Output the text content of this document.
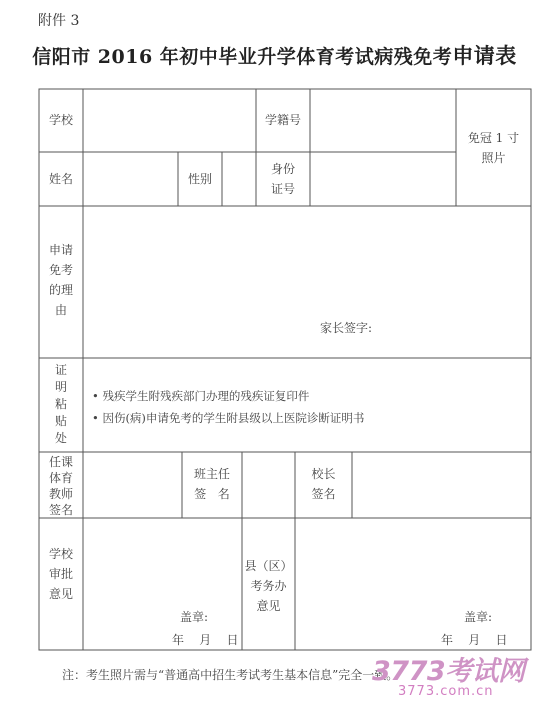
附件 3
信阳市 2016 年初中毕业升学体育考试病残免考申请表
学校	学籍号
免冠 1 寸
照片
姓名	性别
身份
证号
申请
免考
的理
由
家长签字:
证
明
粘
贴
处
• 残疾学生附残疾部门办理的残疾证复印件
• 因伤(病)申请免考的学生附县级以上医院诊断证明书
任课
体育
教师
签名
班主任
签   名
校长
签名
学校
审批
意见
盖章:
年    月    日
县（区）
考务办
意见
盖章:
年    月    日
注：考生照片需与“普通高中招生考试考生基本信息”完全一致。
3773考试网
3773.com.cn
